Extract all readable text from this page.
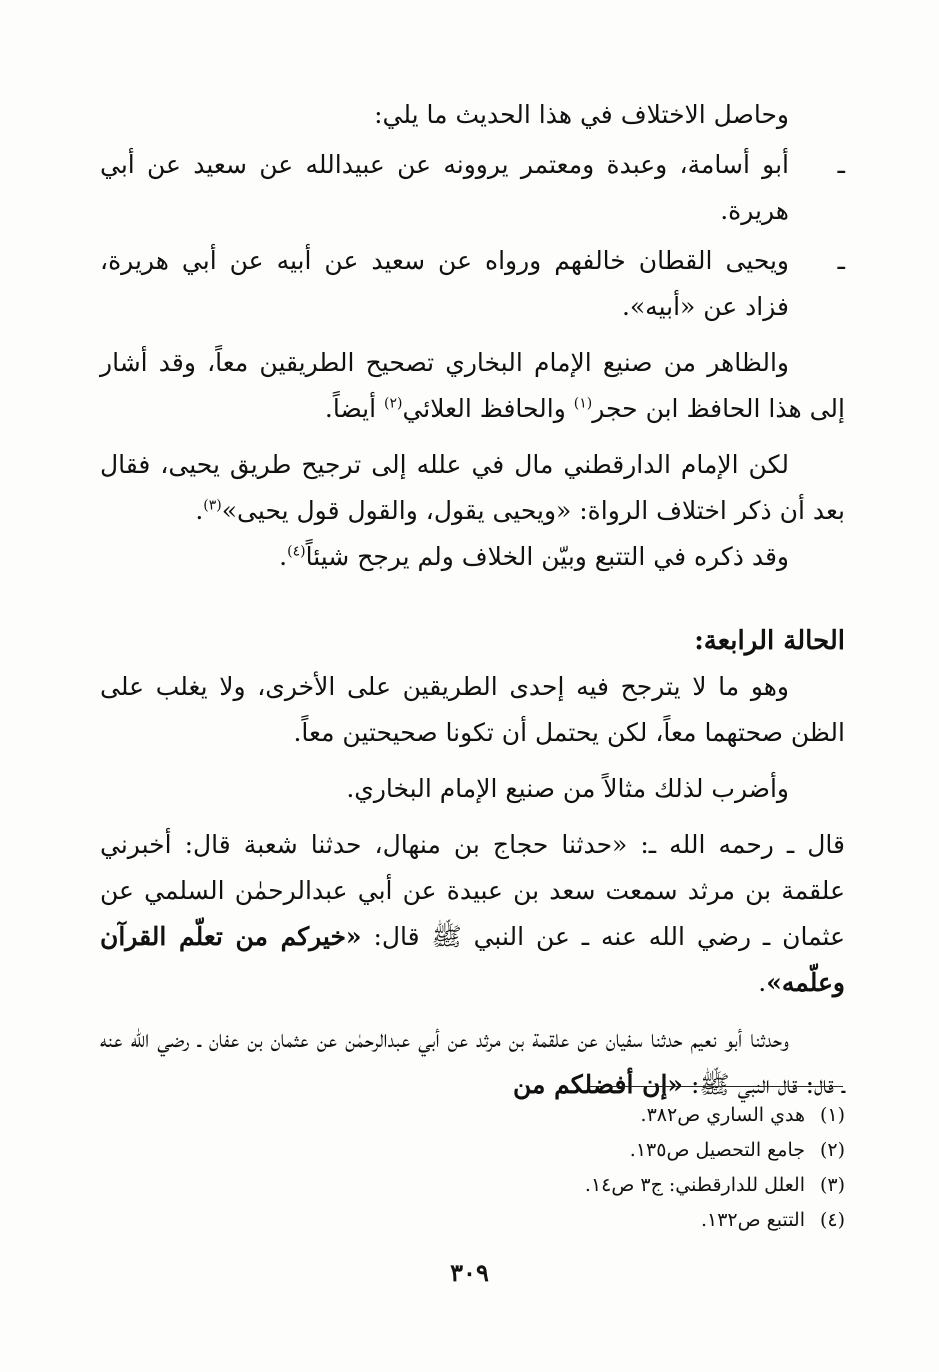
وحاصل الاختلاف في هذا الحديث ما يلي:

ـ
أبو أسامة، وعبدة ومعتمر يروونه عن عبيدالله عن سعيد عن أبي هريرة.

ـ
ويحيى القطان خالفهم ورواه عن سعيد عن أبيه عن أبي هريرة، فزاد عن «أبيه».

والظاهر من صنيع الإمام البخاري تصحيح الطريقين معاً، وقد أشار إلى هذا الحافظ ابن حجر$^{(١)}$ والحافظ العلائي$^{(٢)}$ أيضاً.

لكن الإمام الدارقطني مال في علله إلى ترجيح طريق يحيى، فقال بعد أن ذكر اختلاف الرواة: «ويحيى يقول، والقول قول يحيى»$^{(٣)}$.

وقد ذكره في التتبع وبيّن الخلاف ولم يرجح شيئاً$^{(٤)}$.

الحالة الرابعة:

وهو ما لا يترجح فيه إحدى الطريقين على الأخرى، ولا يغلب على الظن صحتهما معاً، لكن يحتمل أن تكونا صحيحتين معاً.

وأضرب لذلك مثالاً من صنيع الإمام البخاري.

قال ـ رحمه الله ـ: «حدثنا حجاج بن منهال، حدثنا شعبة قال: أخبرني علقمة بن مرثد سمعت سعد بن عبيدة عن أبي عبدالرحمٰن السلمي عن عثمان ـ رضي الله عنه ـ عن النبي ﷺ قال: «خيركم من تعلّم القرآن وعلّمه».

وحدثنا أبو نعيم حدثنا سفيان عن علقمة بن مرثد عن أبي عبدالرحمٰن عن عثمان بن عفان ـ رضي الله عنه ـ قال: قال النبي ﷺ: «إن أفضلكم من

(١)هدي الساري ص٣٨٢.
(٢)جامع التحصيل ص١٣٥.
(٣)العلل للدارقطني: ج٣ ص١٤.
(٤)التتبع ص١٣٢.
٣٠٩
